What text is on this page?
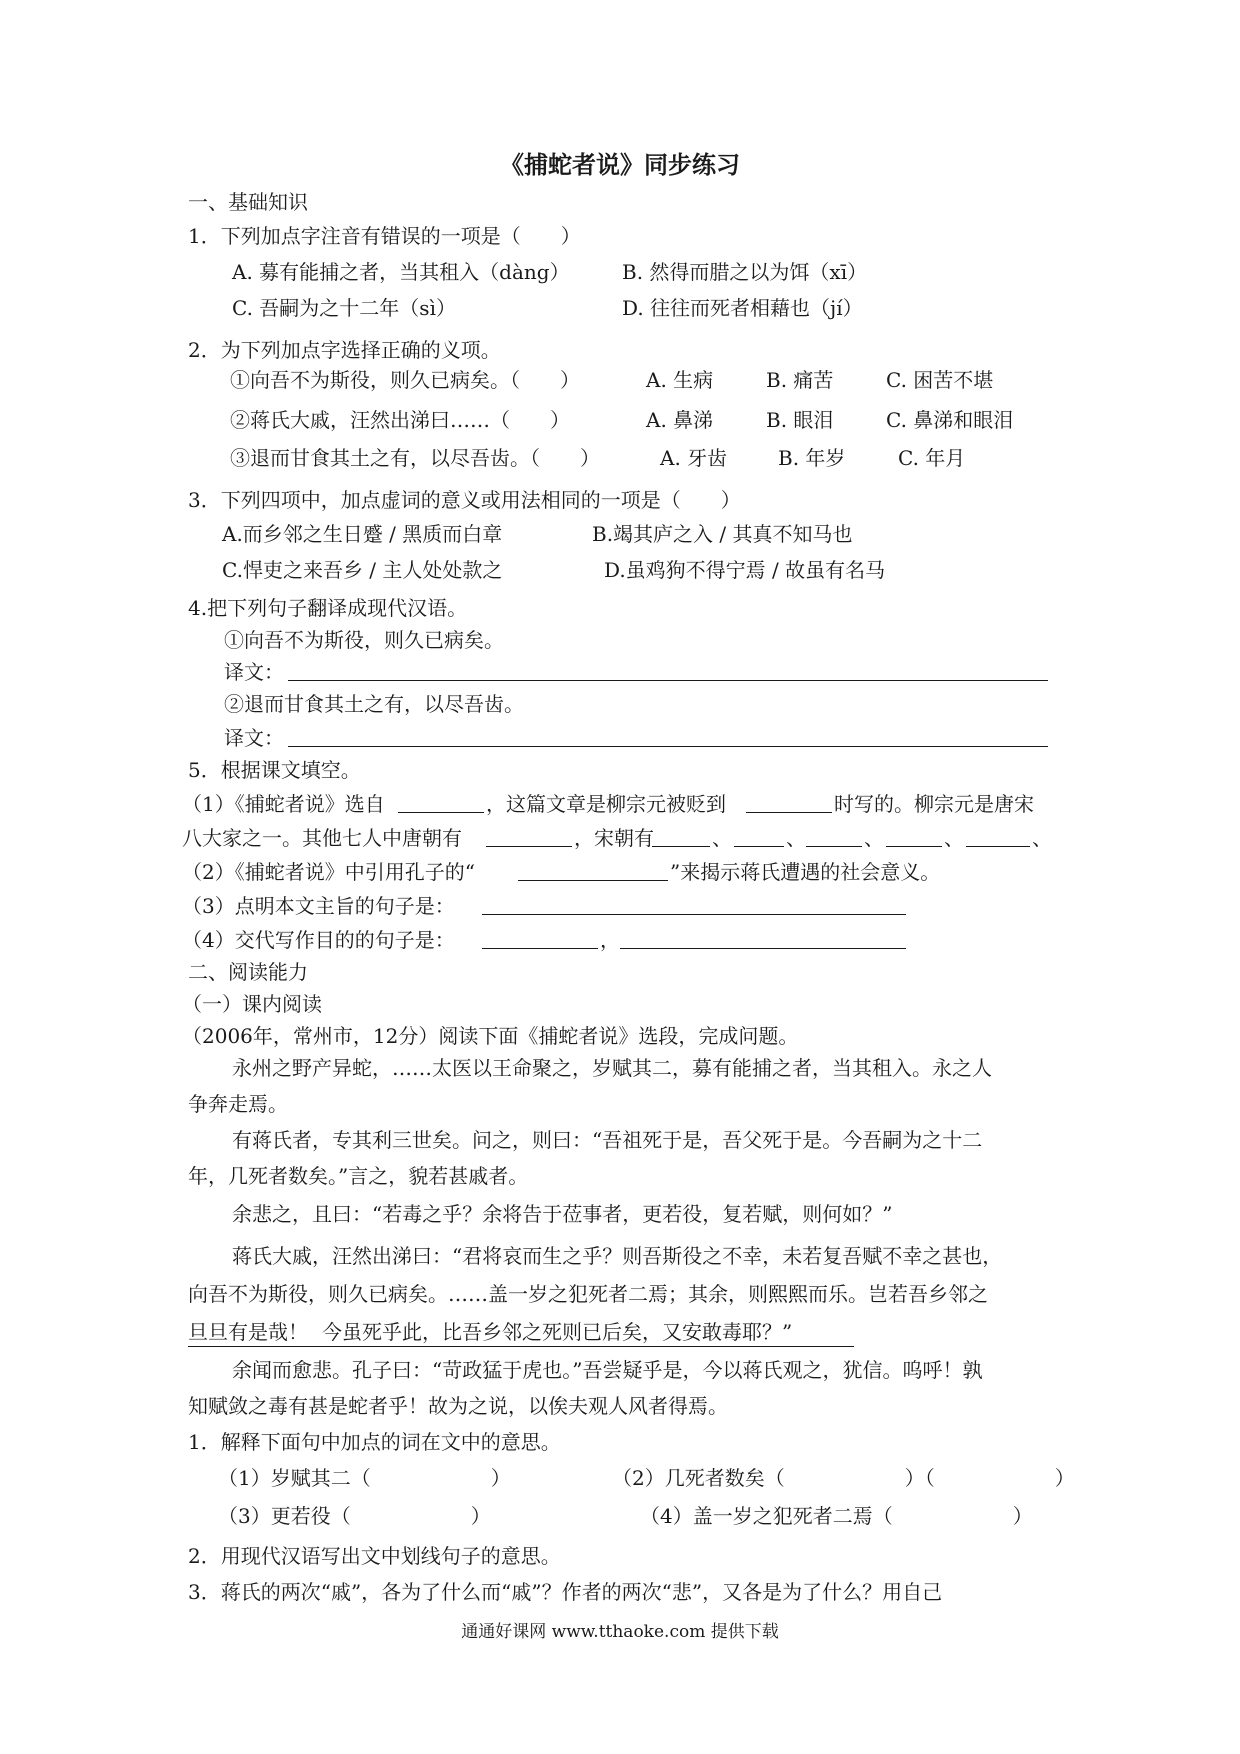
《捕蛇者说》同步练习
一、基础知识
1．下列加点字注音有错误的一项是（　　）
A. 募有能捕之者，当其租入（dàng）	B. 然得而腊之以为饵（xī）
C. 吾嗣为之十二年（sì）	D. 往往而死者相藉也（jí）
2．为下列加点字选择正确的义项。
①向吾不为斯役，则久已病矣。（　　）	A. 生病	B. 痛苦	C. 困苦不堪
②蒋氏大戚，汪然出涕曰……（　　）	A. 鼻涕	B. 眼泪	C. 鼻涕和眼泪
③退而甘食其土之有，以尽吾齿。（　　）	A. 牙齿	B. 年岁	C. 年月
3．下列四项中，加点虚词的意义或用法相同的一项是（　　）
A.而乡邻之生日蹙 / 黑质而白章	B.竭其庐之入 / 其真不知马也
C.悍吏之来吾乡 / 主人处处款之	D.虽鸡狗不得宁焉 / 故虽有名马
4.把下列句子翻译成现代汉语。
①向吾不为斯役，则久已病矣。
译文：
②退而甘食其土之有，以尽吾齿。
译文：
5．根据课文填空。
（1）《捕蛇者说》选自	，这篇文章是柳宗元被贬到	时写的。柳宗元是唐宋
八大家之一。其他七人中唐朝有	，宋朝有	、	、	、	、	、
（2）《捕蛇者说》中引用孔子的“	”来揭示蒋氏遭遇的社会意义。
（3）点明本文主旨的句子是：
（4）交代写作目的的句子是：	，
二、阅读能力
（一）课内阅读
（2006年，常州市，12分）阅读下面《捕蛇者说》选段，完成问题。
永州之野产异蛇，……太医以王命聚之，岁赋其二，募有能捕之者，当其租入。永之人
争奔走焉。
有蒋氏者，专其利三世矣。问之，则曰：“吾祖死于是，吾父死于是。今吾嗣为之十二
年，几死者数矣。”言之，貌若甚戚者。
余悲之，且曰：“若毒之乎？余将告于莅事者，更若役，复若赋，则何如？”
蒋氏大戚，汪然出涕曰：“君将哀而生之乎？则吾斯役之不幸，未若复吾赋不幸之甚也，
向吾不为斯役，则久已病矣。……盖一岁之犯死者二焉；其余，则熙熙而乐。岂若吾乡邻之
旦旦有是哉！ 今虽死乎此，比吾乡邻之死则已后矣，又安敢毒耶？”
余闻而愈悲。孔子曰：“苛政猛于虎也。”吾尝疑乎是，今以蒋氏观之，犹信。呜呼！孰
知赋敛之毒有甚是蛇者乎！故为之说，以俟夫观人风者得焉。
1．解释下面句中加点的词在文中的意思。
（1）岁赋其二（　　　　　　）	（2）几死者数矣（　　　　　　）（　　　　　　）
（3）更若役（　　　　　　）	（4）盖一岁之犯死者二焉（　　　　　　）
2．用现代汉语写出文中划线句子的意思。
3．蒋氏的两次“戚”，各为了什么而“戚”？作者的两次“悲”，又各是为了什么？用自己
通通好课网 www.tthaoke.com 提供下载
